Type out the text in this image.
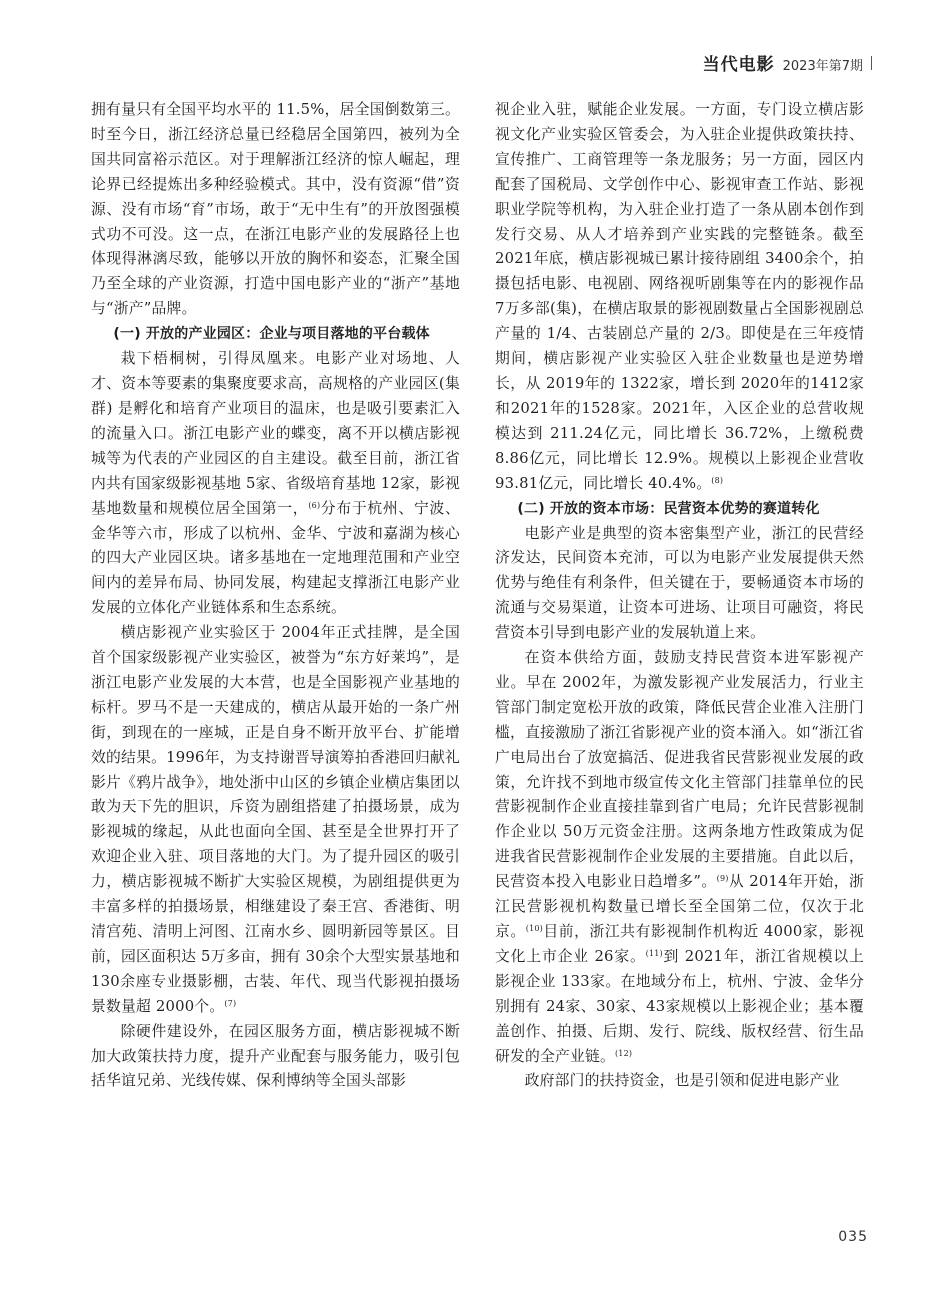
当代电影 2023年第7期

拥有量只有全国平均水平的 11.5%，居全国倒数第三。时至今日，浙江经济总量已经稳居全国第四，被列为全国共同富裕示范区。对于理解浙江经济的惊人崛起，理论界已经提炼出多种经验模式。其中，没有资源“借”资源、没有市场“育”市场，敢于“无中生有”的开放图强模式功不可没。这一点，在浙江电影产业的发展路径上也体现得淋漓尽致，能够以开放的胸怀和姿态，汇聚全国乃至全球的产业资源，打造中国电影产业的“浙产”基地与“浙产”品牌。

(一) 开放的产业园区：企业与项目落地的平台载体

栽下梧桐树，引得凤凰来。电影产业对场地、人才、资本等要素的集聚度要求高，高规格的产业园区(集群) 是孵化和培育产业项目的温床，也是吸引要素汇入的流量入口。浙江电影产业的蝶变，离不开以横店影视城等为代表的产业园区的自主建设。截至目前，浙江省内共有国家级影视基地 5家、省级培育基地 12家，影视基地数量和规模位居全国第一，$^{(6)}$分布于杭州、宁波、金华等六市，形成了以杭州、金华、宁波和嘉湖为核心的四大产业园区块。诸多基地在一定地理范围和产业空间内的差异布局、协同发展，构建起支撑浙江电影产业发展的立体化产业链体系和生态系统。

横店影视产业实验区于 2004年正式挂牌，是全国首个国家级影视产业实验区，被誉为“东方好莱坞”，是浙江电影产业发展的大本营，也是全国影视产业基地的标杆。罗马不是一天建成的，横店从最开始的一条广州街，到现在的一座城，正是自身不断开放平台、扩能增效的结果。1996年，为支持谢晋导演筹拍香港回归献礼影片《鸦片战争》，地处浙中山区的乡镇企业横店集团以敢为天下先的胆识，斥资为剧组搭建了拍摄场景，成为影视城的缘起，从此也面向全国、甚至是全世界打开了欢迎企业入驻、项目落地的大门。为了提升园区的吸引力，横店影视城不断扩大实验区规模，为剧组提供更为丰富多样的拍摄场景，相继建设了秦王宫、香港街、明清宫苑、清明上河图、江南水乡、圆明新园等景区。目前，园区面积达 5万多亩，拥有 30余个大型实景基地和 130余座专业摄影棚，古装、年代、现当代影视拍摄场景数量超 2000个。$^{(7)}$

除硬件建设外，在园区服务方面，横店影视城不断加大政策扶持力度，提升产业配套与服务能力，吸引包括华谊兄弟、光线传媒、保利博纳等全国头部影

视企业入驻，赋能企业发展。一方面，专门设立横店影视文化产业实验区管委会，为入驻企业提供政策扶持、宣传推广、工商管理等一条龙服务；另一方面，园区内配套了国税局、文学创作中心、影视审查工作站、影视职业学院等机构，为入驻企业打造了一条从剧本创作到发行交易、从人才培养到产业实践的完整链条。截至 2021年底，横店影视城已累计接待剧组 3400余个，拍摄包括电影、电视剧、网络视听剧集等在内的影视作品 7万多部(集)，在横店取景的影视剧数量占全国影视剧总产量的 1/4、古装剧总产量的 2/3。即使是在三年疫情期间，横店影视产业实验区入驻企业数量也是逆势增长，从 2019年的 1322家，增长到 2020年的1412家和2021年的1528家。2021年，入区企业的总营收规模达到 211.24亿元，同比增长 36.72%，上缴税费 8.86亿元，同比增长 12.9%。规模以上影视企业营收 93.81亿元，同比增长 40.4%。$^{(8)}$

(二) 开放的资本市场：民营资本优势的赛道转化

电影产业是典型的资本密集型产业，浙江的民营经济发达，民间资本充沛，可以为电影产业发展提供天然优势与绝佳有利条件，但关键在于，要畅通资本市场的流通与交易渠道，让资本可进场、让项目可融资，将民营资本引导到电影产业的发展轨道上来。

在资本供给方面，鼓励支持民营资本进军影视产业。早在 2002年，为激发影视产业发展活力，行业主管部门制定宽松开放的政策，降低民营企业准入注册门槛，直接激励了浙江省影视产业的资本涌入。如“浙江省广电局出台了放宽搞活、促进我省民营影视业发展的政策，允许找不到地市级宣传文化主管部门挂靠单位的民营影视制作企业直接挂靠到省广电局；允许民营影视制作企业以 50万元资金注册。这两条地方性政策成为促进我省民营影视制作企业发展的主要措施。自此以后，民营资本投入电影业日趋增多”。$^{(9)}$从 2014年开始，浙江民营影视机构数量已增长至全国第二位，仅次于北京。$^{(10)}$目前，浙江共有影视制作机构近 4000家，影视文化上市企业 26家。$^{(11)}$到 2021年，浙江省规模以上影视企业 133家。在地域分布上，杭州、宁波、金华分别拥有 24家、30家、43家规模以上影视企业；基本覆盖创作、拍摄、后期、发行、院线、版权经营、衍生品研发的全产业链。$^{(12)}$

政府部门的扶持资金，也是引领和促进电影产业

035
